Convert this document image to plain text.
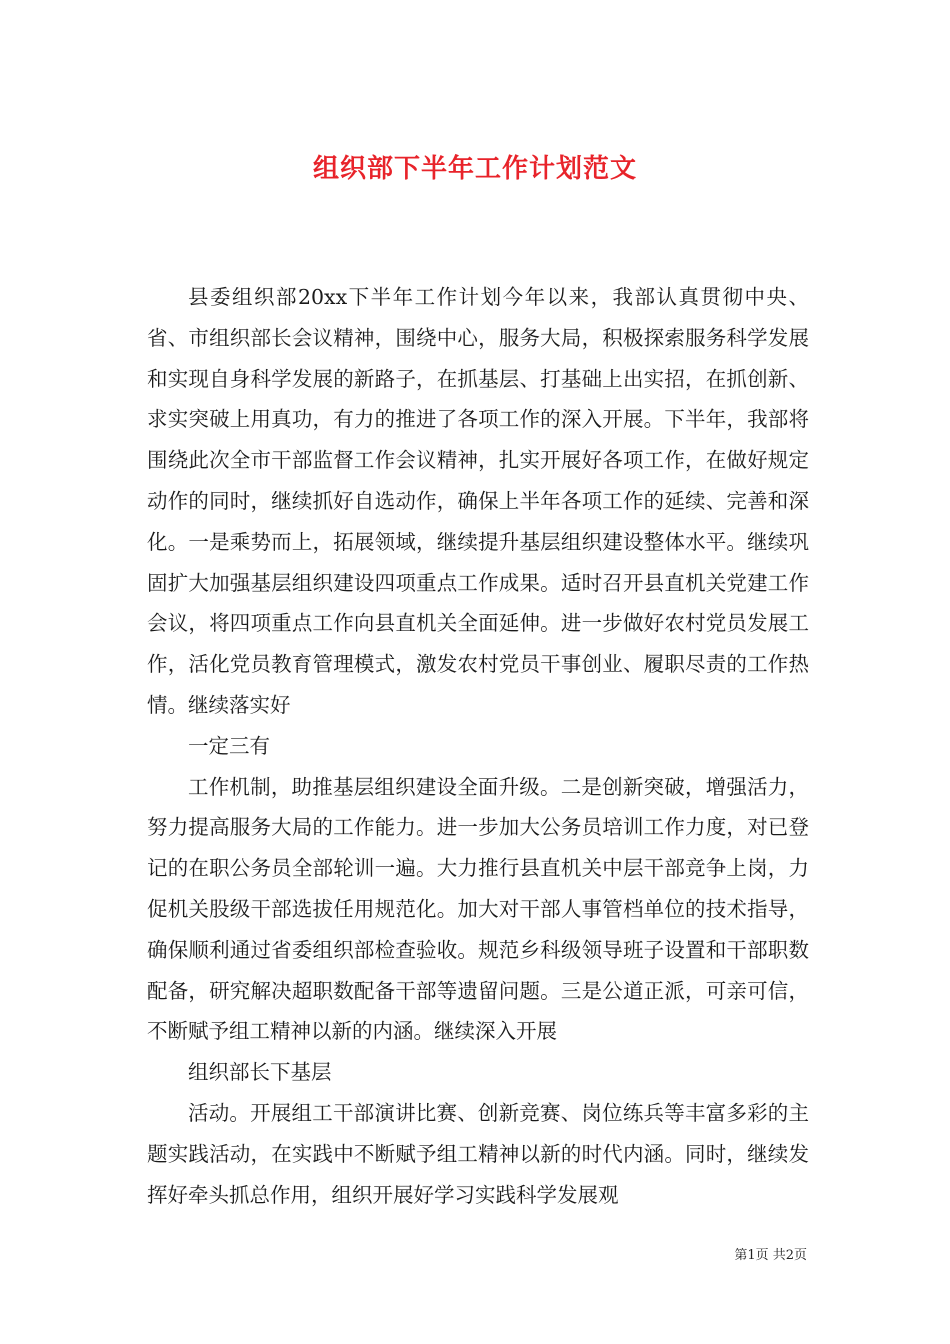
组织部下半年工作计划范文

县委组织部20xx下半年工作计划今年以来，我部认真贯彻中央、省、市组织部长会议精神，围绕中心，服务大局，积极探索服务科学发展和实现自身科学发展的新路子，在抓基层、打基础上出实招，在抓创新、求实突破上用真功，有力的推进了各项工作的深入开展。下半年，我部将围绕此次全市干部监督工作会议精神，扎实开展好各项工作，在做好规定动作的同时，继续抓好自选动作，确保上半年各项工作的延续、完善和深化。一是乘势而上，拓展领域，继续提升基层组织建设整体水平。继续巩固扩大加强基层组织建设四项重点工作成果。适时召开县直机关党建工作会议，将四项重点工作向县直机关全面延伸。进一步做好农村党员发展工作，活化党员教育管理模式，激发农村党员干事创业、履职尽责的工作热情。继续落实好

一定三有

工作机制，助推基层组织建设全面升级。二是创新突破，增强活力，努力提高服务大局的工作能力。进一步加大公务员培训工作力度，对已登记的在职公务员全部轮训一遍。大力推行县直机关中层干部竞争上岗，力促机关股级干部选拔任用规范化。加大对干部人事管档单位的技术指导，确保顺利通过省委组织部检查验收。规范乡科级领导班子设置和干部职数配备，研究解决超职数配备干部等遗留问题。三是公道正派，可亲可信，不断赋予组工精神以新的内涵。继续深入开展

组织部长下基层

活动。开展组工干部演讲比赛、创新竞赛、岗位练兵等丰富多彩的主题实践活动，在实践中不断赋予组工精神以新的时代内涵。同时，继续发挥好牵头抓总作用，组织开展好学习实践科学发展观

第1页 共2页
